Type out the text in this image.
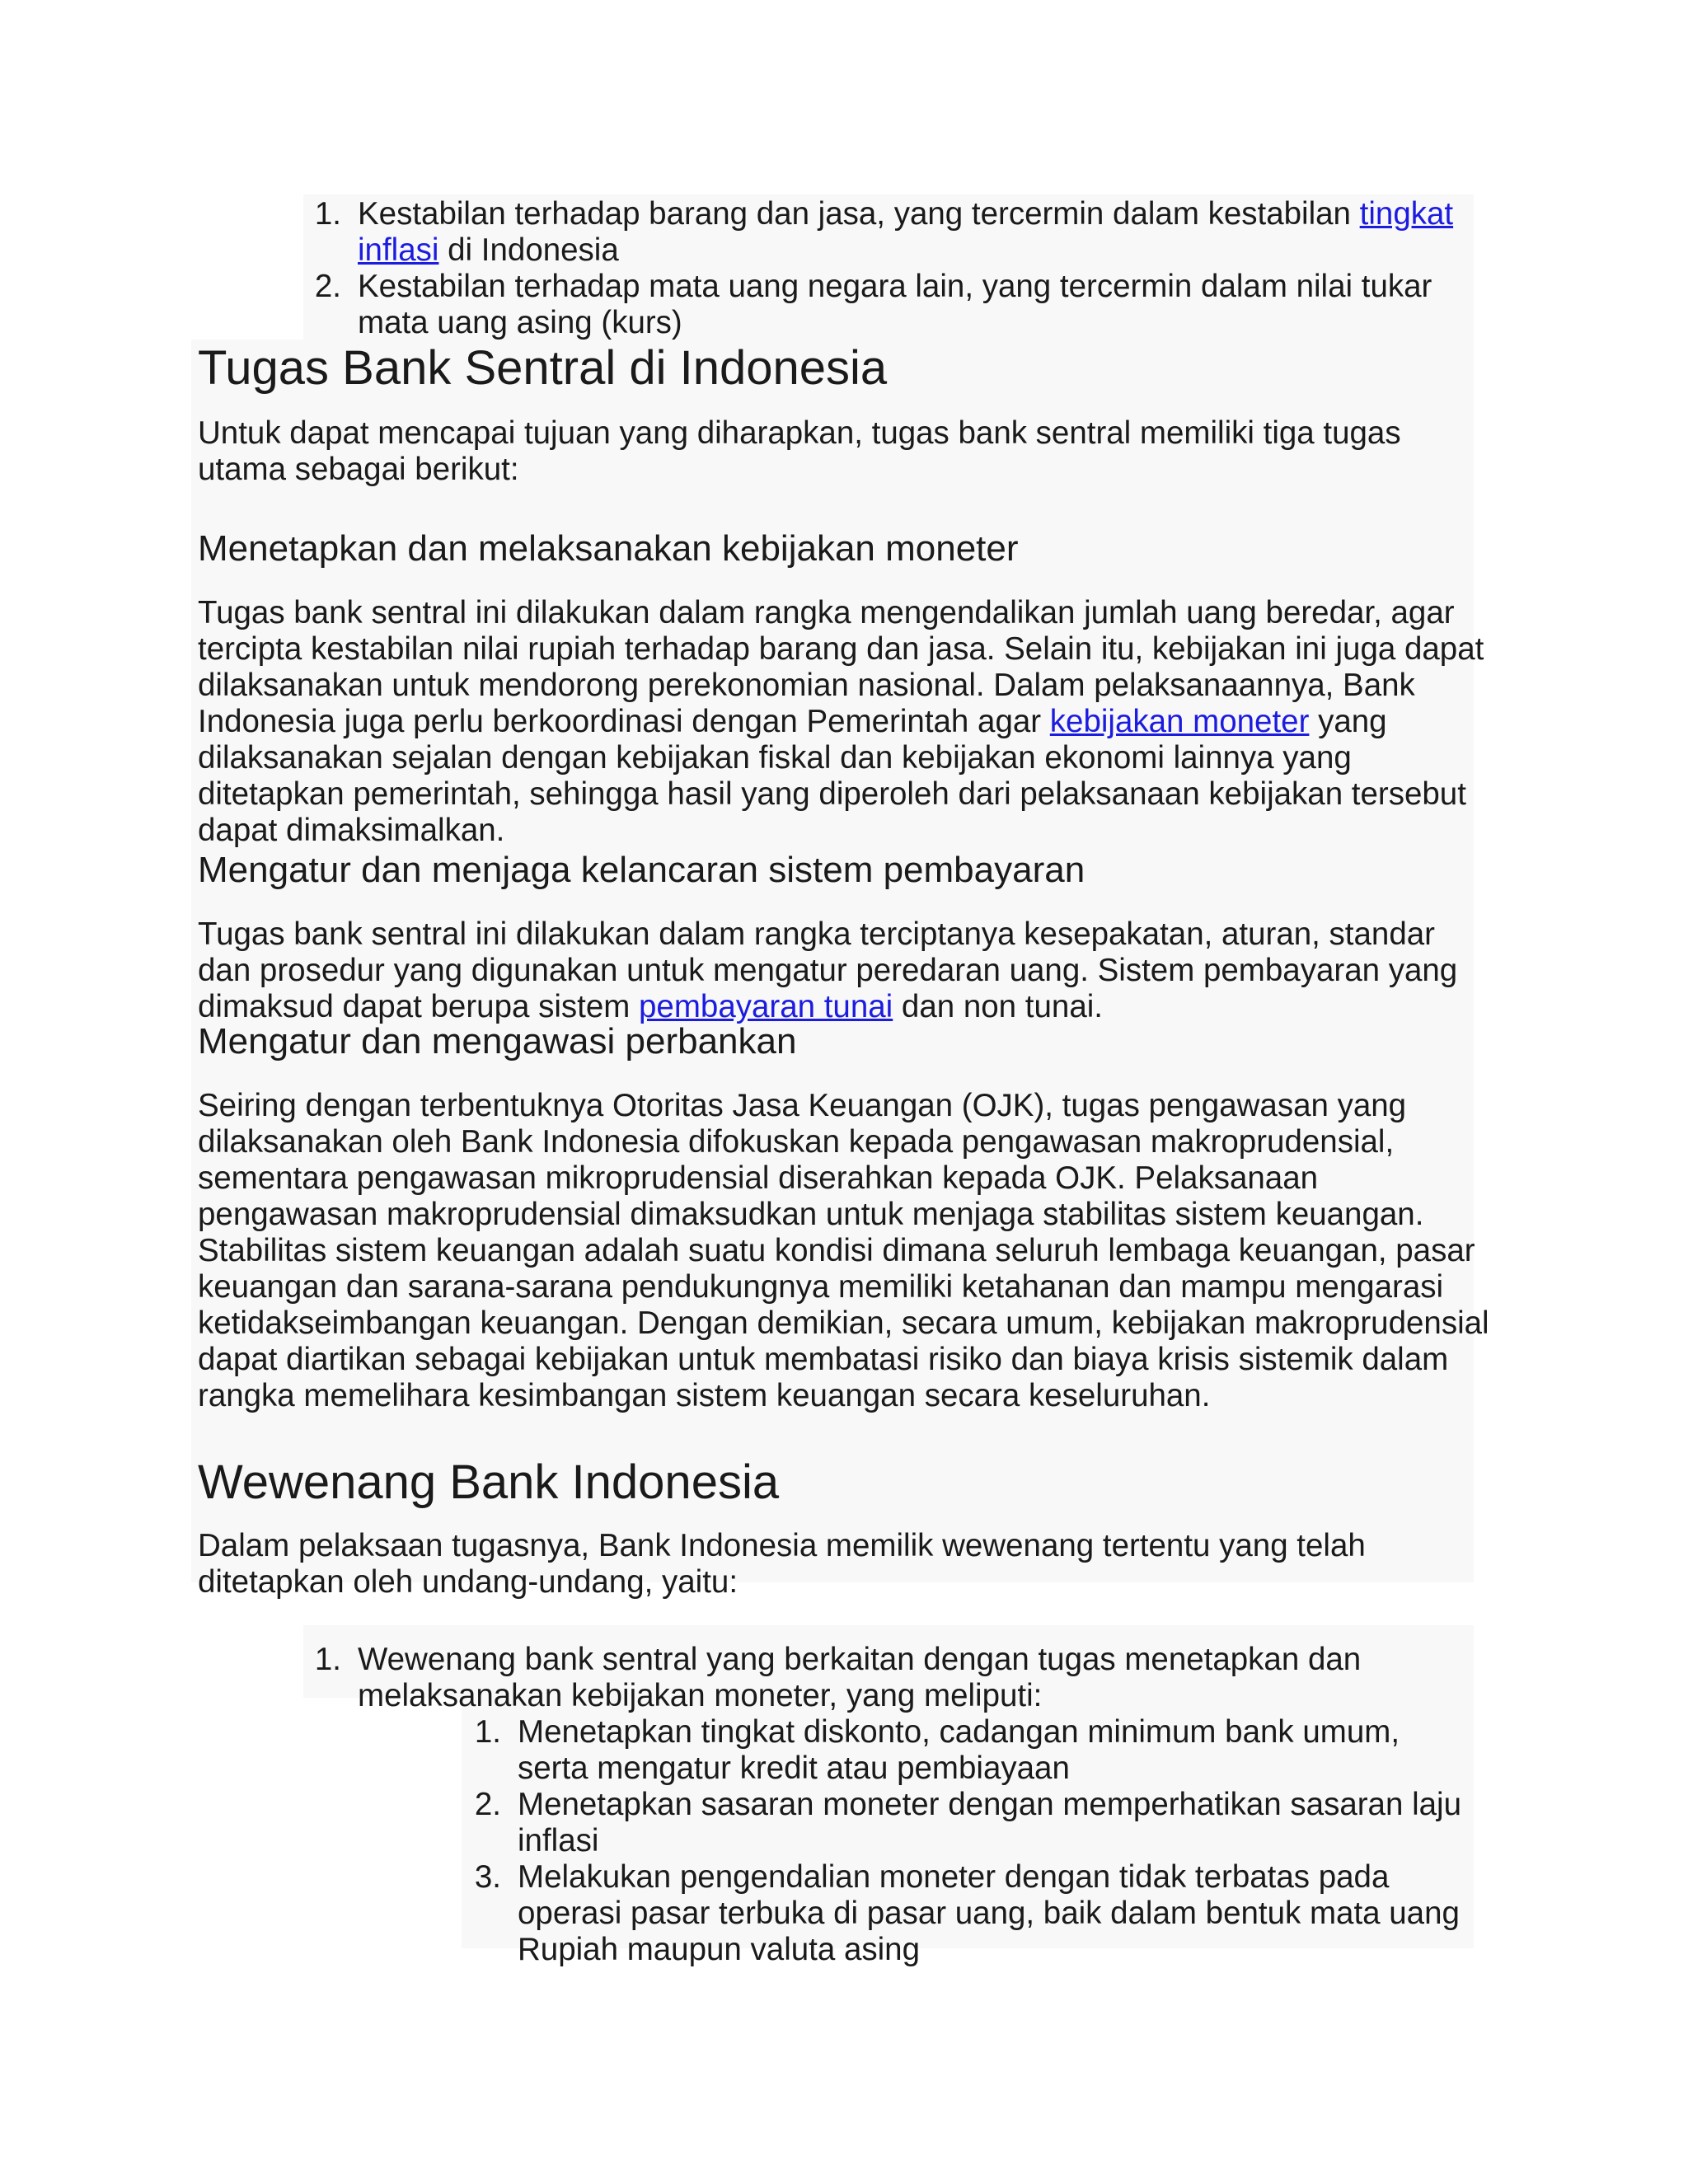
1. Kestabilan terhadap barang dan jasa, yang tercermin dalam kestabilan tingkat inflasi di Indonesia
2. Kestabilan terhadap mata uang negara lain, yang tercermin dalam nilai tukar mata uang asing (kurs)
Tugas Bank Sentral di Indonesia

Untuk dapat mencapai tujuan yang diharapkan, tugas bank sentral memiliki tiga tugas utama sebagai berikut:

Menetapkan dan melaksanakan kebijakan moneter

Tugas bank sentral ini dilakukan dalam rangka mengendalikan jumlah uang beredar, agar tercipta kestabilan nilai rupiah terhadap barang dan jasa. Selain itu, kebijakan ini juga dapat dilaksanakan untuk mendorong perekonomian nasional. Dalam pelaksanaannya, Bank Indonesia juga perlu berkoordinasi dengan Pemerintah agar kebijakan moneter yang dilaksanakan sejalan dengan kebijakan fiskal dan kebijakan ekonomi lainnya yang ditetapkan pemerintah, sehingga hasil yang diperoleh dari pelaksanaan kebijakan tersebut dapat dimaksimalkan.

Mengatur dan menjaga kelancaran sistem pembayaran

Tugas bank sentral ini dilakukan dalam rangka terciptanya kesepakatan, aturan, standar dan prosedur yang digunakan untuk mengatur peredaran uang. Sistem pembayaran yang dimaksud dapat berupa sistem pembayaran tunai dan non tunai.

Mengatur dan mengawasi perbankan

Seiring dengan terbentuknya Otoritas Jasa Keuangan (OJK), tugas pengawasan yang dilaksanakan oleh Bank Indonesia difokuskan kepada pengawasan makroprudensial, sementara pengawasan mikroprudensial diserahkan kepada OJK. Pelaksanaan pengawasan makroprudensial dimaksudkan untuk menjaga stabilitas sistem keuangan. Stabilitas sistem keuangan adalah suatu kondisi dimana seluruh lembaga keuangan, pasar keuangan dan sarana-sarana pendukungnya memiliki ketahanan dan mampu mengarasi ketidakseimbangan keuangan. Dengan demikian, secara umum, kebijakan makroprudensial dapat diartikan sebagai kebijakan untuk membatasi risiko dan biaya krisis sistemik dalam rangka memelihara kesimbangan sistem keuangan secara keseluruhan.

Wewenang Bank Indonesia

Dalam pelaksaan tugasnya, Bank Indonesia memilik wewenang tertentu yang telah ditetapkan oleh undang-undang, yaitu:

1. Wewenang bank sentral yang berkaitan dengan tugas menetapkan dan melaksanakan kebijakan moneter, yang meliputi:
1. Menetapkan tingkat diskonto, cadangan minimum bank umum, serta mengatur kredit atau pembiayaan
2. Menetapkan sasaran moneter dengan memperhatikan sasaran laju inflasi
3. Melakukan pengendalian moneter dengan tidak terbatas pada operasi pasar terbuka di pasar uang, baik dalam bentuk mata uang Rupiah maupun valuta asing
